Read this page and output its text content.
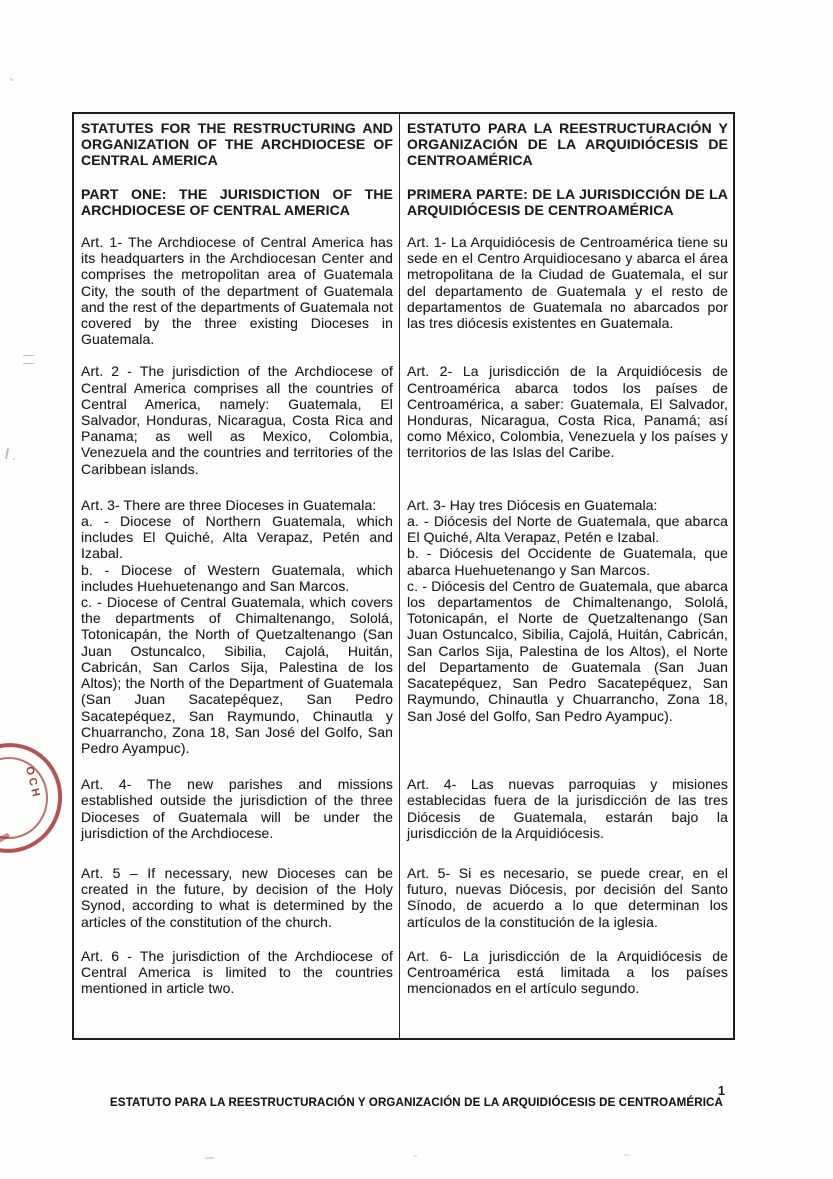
STATUTES FOR THE RESTRUCTURING AND ORGANIZATION OF THE ARCHDIOCESE OF CENTRAL AMERICA

ESTATUTO PARA LA REESTRUCTURACIÓN Y ORGANIZACIÓN DE LA ARQUIDIÓCESIS DE CENTROAMÉRICA

PART ONE: THE JURISDICTION OF THE ARCHDIOCESE OF CENTRAL AMERICA

PRIMERA PARTE: DE LA JURISDICCIÓN DE LA ARQUIDIÓCESIS DE CENTROAMÉRICA

Art. 1- The Archdiocese of Central America has its headquarters in the Archdiocesan Center and comprises the metropolitan area of Guatemala City, the south of the department of Guatemala and the rest of the departments of Guatemala not covered by the three existing Dioceses in Guatemala.

Art. 1- La Arquidiócesis de Centroamérica tiene su sede en el Centro Arquidiocesano y abarca el área metropolitana de la Ciudad de Guatemala, el sur del departamento de Guatemala y el resto de departamentos de Guatemala no abarcados por las tres diócesis existentes en Guatemala.

Art. 2 - The jurisdiction of the Archdiocese of Central America comprises all the countries of Central America, namely: Guatemala, El Salvador, Honduras, Nicaragua, Costa Rica and Panama; as well as Mexico, Colombia, Venezuela and the countries and territories of the Caribbean islands.

Art. 2- La jurisdicción de la Arquidiócesis de Centroamérica abarca todos los países de Centroamérica, a saber: Guatemala, El Salvador, Honduras, Nicaragua, Costa Rica, Panamá; así como México, Colombia, Venezuela y los países y territorios de las Islas del Caribe.

Art. 3- There are three Dioceses in Guatemala:

a. - Diocese of Northern Guatemala, which includes El Quiché, Alta Verapaz, Petén and Izabal.

b. - Diocese of Western Guatemala, which includes Huehuetenango and San Marcos.

c. - Diocese of Central Guatemala, which covers the departments of Chimaltenango, Sololá, Totonicapán, the North of Quetzaltenango (San Juan Ostuncalco, Sibilia, Cajolá, Huitán, Cabricán, San Carlos Sija, Palestina de los Altos); the North of the Department of Guatemala (San Juan Sacatepéquez, San Pedro Sacatepéquez, San Raymundo, Chinautla y Chuarrancho, Zona 18, San José del Golfo, San Pedro Ayampuc).

Art. 3- Hay tres Diócesis en Guatemala:

a. - Diócesis del Norte de Guatemala, que abarca El Quiché, Alta Verapaz, Petén e Izabal.

b. - Diócesis del Occidente de Guatemala, que abarca Huehuetenango y San Marcos.

c. - Diócesis del Centro de Guatemala, que abarca los departamentos de Chimaltenango, Sololá, Totonicapán, el Norte de Quetzaltenango (San Juan Ostuncalco, Sibilia, Cajolá, Huitán, Cabricán, San Carlos Sija, Palestina de los Altos), el Norte del Departamento de Guatemala (San Juan Sacatepéquez, San Pedro Sacatepéquez, San Raymundo, Chinautla y Chuarrancho, Zona 18, San José del Golfo, San Pedro Ayampuc).

Art. 4- The new parishes and missions established outside the jurisdiction of the three Dioceses of Guatemala will be under the jurisdiction of the Archdiocese.

Art. 4- Las nuevas parroquias y misiones establecidas fuera de la jurisdicción de las tres Diócesis de Guatemala, estarán bajo la jurisdicción de la Arquidiócesis.

Art. 5 – If necessary, new Dioceses can be created in the future, by decision of the Holy Synod, according to what is determined by the articles of the constitution of the church.

Art. 5- Si es necesario, se puede crear, en el futuro, nuevas Diócesis, por decisión del Santo Sínodo, de acuerdo a lo que determinan los artículos de la constitución de la iglesia.

Art. 6 - The jurisdiction of the Archdiocese of Central America is limited to the countries mentioned in article two.

Art. 6- La jurisdicción de la Arquidiócesis de Centroamérica está limitada a los países mencionados en el artículo segundo.

OCH
1
ESTATUTO PARA LA REESTRUCTURACIÓN Y ORGANIZACIÓN DE LA ARQUIDIÓCESIS DE CENTROAMÉRICA
